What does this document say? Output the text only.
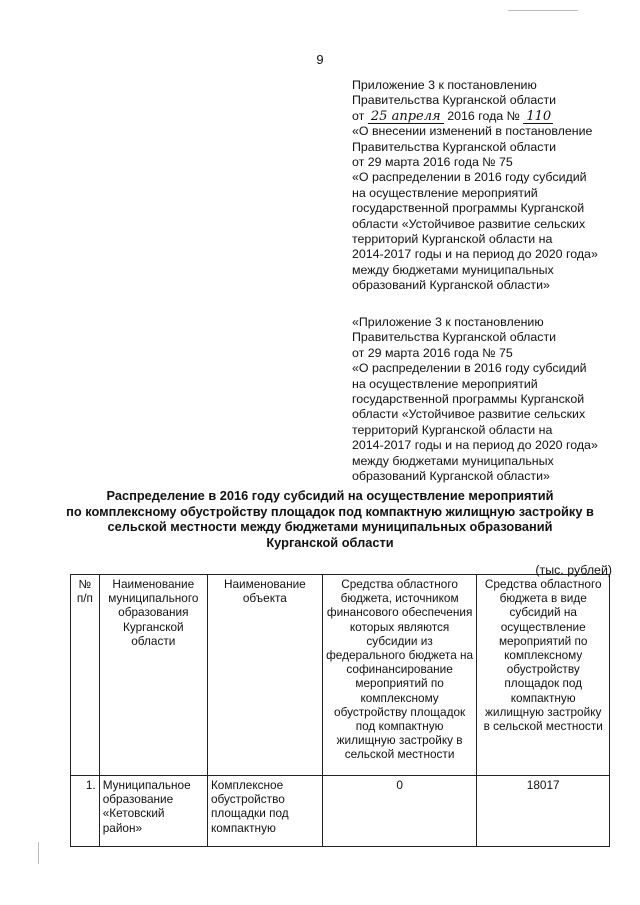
9
Приложение 3 к постановлению
Правительства Курганской области
от 25 апреля 2016 года № 110
«О внесении изменений в постановление
Правительства Курганской области
от 29 марта 2016 года № 75
«О распределении в 2016 году субсидий
на осуществление мероприятий
государственной программы Курганской
области «Устойчивое развитие сельских
территорий Курганской области на
2014-2017 годы и на период до 2020 года»
между бюджетами муниципальных
образований Курганской области»
«Приложение 3 к постановлению
Правительства Курганской области
от 29 марта 2016 года № 75
«О распределении в 2016 году субсидий
на осуществление мероприятий
государственной программы Курганской
области «Устойчивое развитие сельских
территорий Курганской области на
2014-2017 годы и на период до 2020 года»
между бюджетами муниципальных
образований Курганской области»
Распределение в 2016 году субсидий на осуществление мероприятий
по комплексному обустройству площадок под компактную жилищную застройку в
сельской местности между бюджетами муниципальных образований
Курганской области
(тыс. рублей)
№ п/п	Наименование муниципального образования Курганской области	Наименование объекта	Средства областного бюджета, источником финансового обеспечения которых являются субсидии из федерального бюджета на софинансирование мероприятий по комплексному обустройству площадок под компактную жилищную застройку в сельской местности	Средства областного бюджета в виде субсидий на осуществление мероприятий по комплексному обустройству площадок под компактную жилищную застройку в сельской местности
1.	Муниципальное образование «Кетовский район»	Комплексное обустройство площадки под компактную	0	18017
